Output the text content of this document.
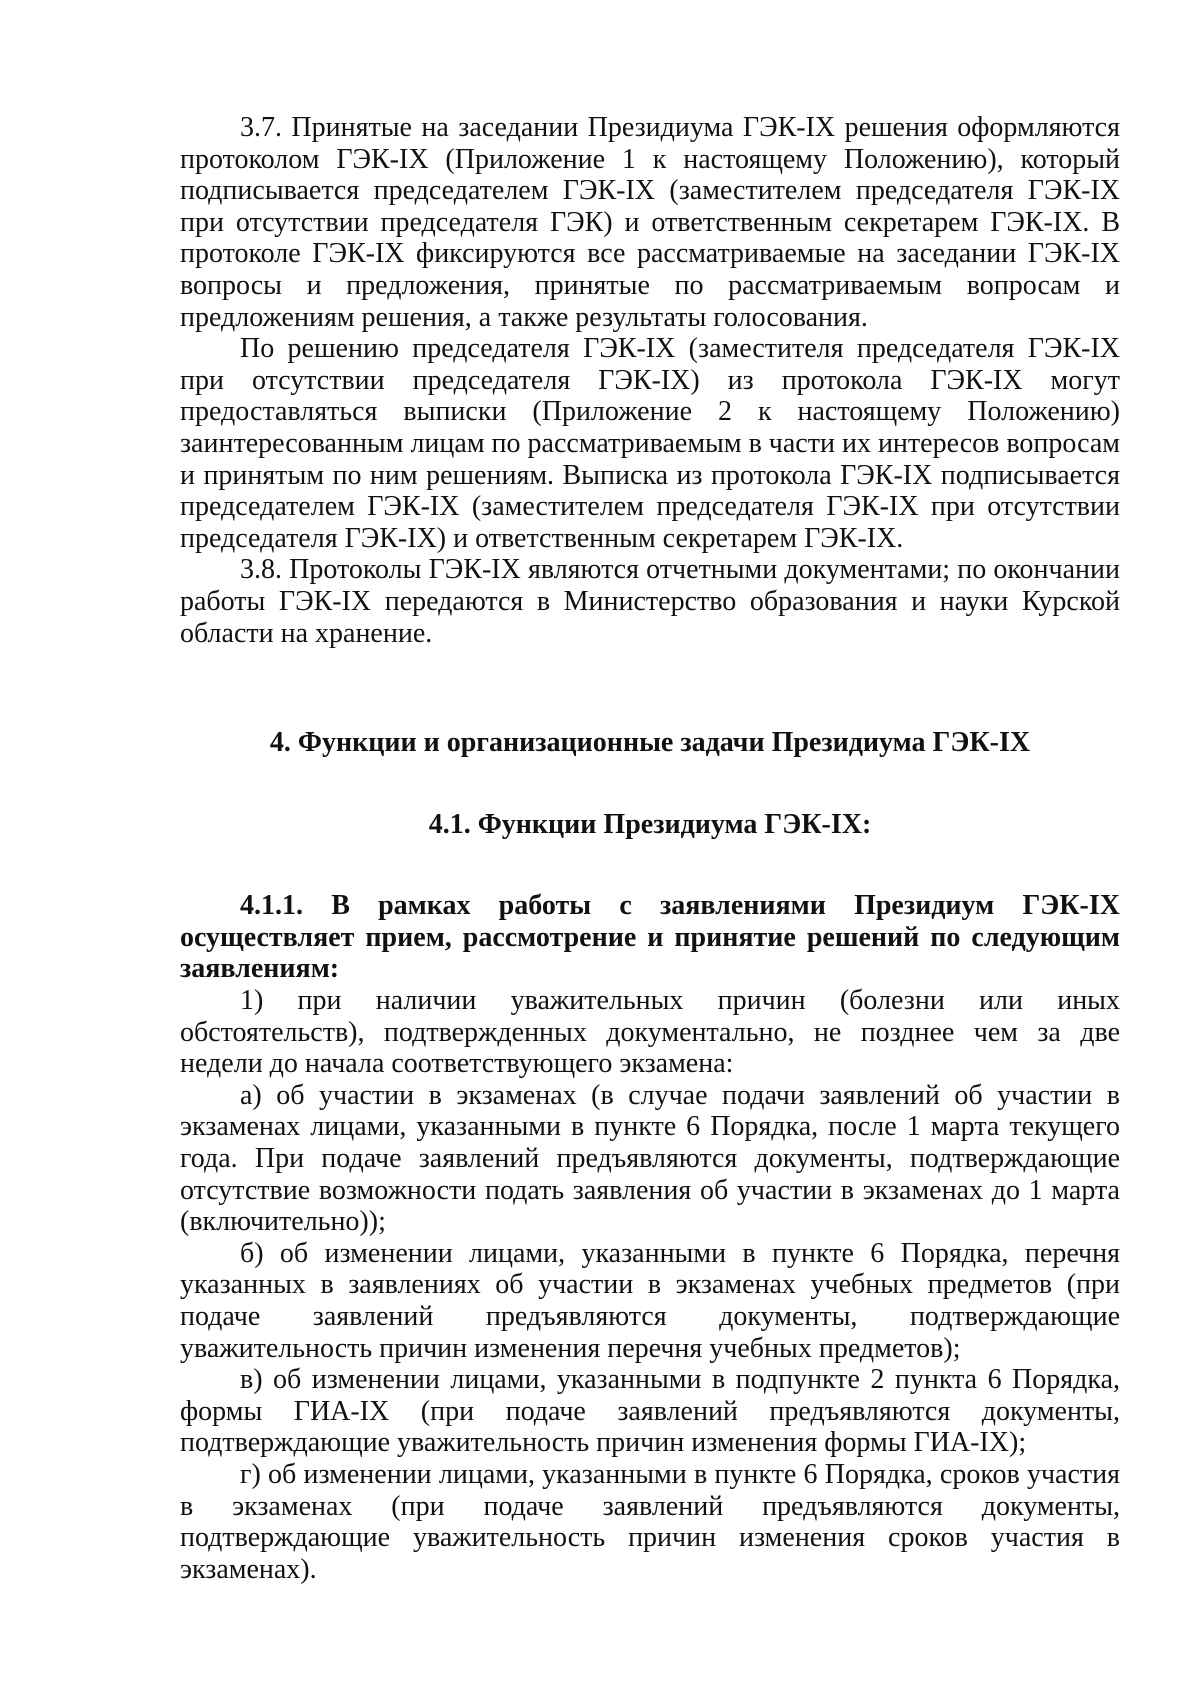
3.7. Принятые на заседании Президиума ГЭК-IX решения оформляются протоколом ГЭК-IX (Приложение 1 к настоящему Положению), который подписывается председателем ГЭК-IX (заместителем председателя ГЭК-IX при отсутствии председателя ГЭК) и ответственным секретарем ГЭК-IX. В протоколе ГЭК-IX фиксируются все рассматриваемые на заседании ГЭК-IX вопросы и предложения, принятые по рассматриваемым вопросам и предложениям решения, а также результаты голосования.

По решению председателя ГЭК-IX (заместителя председателя ГЭК-IX при отсутствии председателя ГЭК-IX) из протокола ГЭК-IX могут предоставляться выписки (Приложение 2 к настоящему Положению) заинтересованным лицам по рассматриваемым в части их интересов вопросам и принятым по ним решениям. Выписка из протокола ГЭК-IX подписывается председателем ГЭК-IX (заместителем председателя ГЭК-IX при отсутствии председателя ГЭК-IX) и ответственным секретарем ГЭК-IX.

3.8. Протоколы ГЭК-IX являются отчетными документами; по окончании работы ГЭК-IX передаются в Министерство образования и науки Курской области на хранение.

4. Функции и организационные задачи Президиума ГЭК-IX

4.1. Функции Президиума ГЭК-IX:

4.1.1. В рамках работы с заявлениями Президиум ГЭК-IX осуществляет прием, рассмотрение и принятие решений по следующим заявлениям:

1) при наличии уважительных причин (болезни или иных обстоятельств), подтвержденных документально, не позднее чем за две недели до начала соответствующего экзамена:

а) об участии в экзаменах (в случае подачи заявлений об участии в экзаменах лицами, указанными в пункте 6 Порядка, после 1 марта текущего года. При подаче заявлений предъявляются документы, подтверждающие отсутствие возможности подать заявления об участии в экзаменах до 1 марта (включительно));

б) об изменении лицами, указанными в пункте 6 Порядка, перечня указанных в заявлениях об участии в экзаменах учебных предметов (при подаче заявлений предъявляются документы, подтверждающие уважительность причин изменения перечня учебных предметов);

в) об изменении лицами, указанными в подпункте 2 пункта 6 Порядка, формы ГИА-IX (при подаче заявлений предъявляются документы, подтверждающие уважительность причин изменения формы ГИА-IX);

г) об изменении лицами, указанными в пункте 6 Порядка, сроков участия в экзаменах (при подаче заявлений предъявляются документы, подтверждающие уважительность причин изменения сроков участия в экзаменах).
